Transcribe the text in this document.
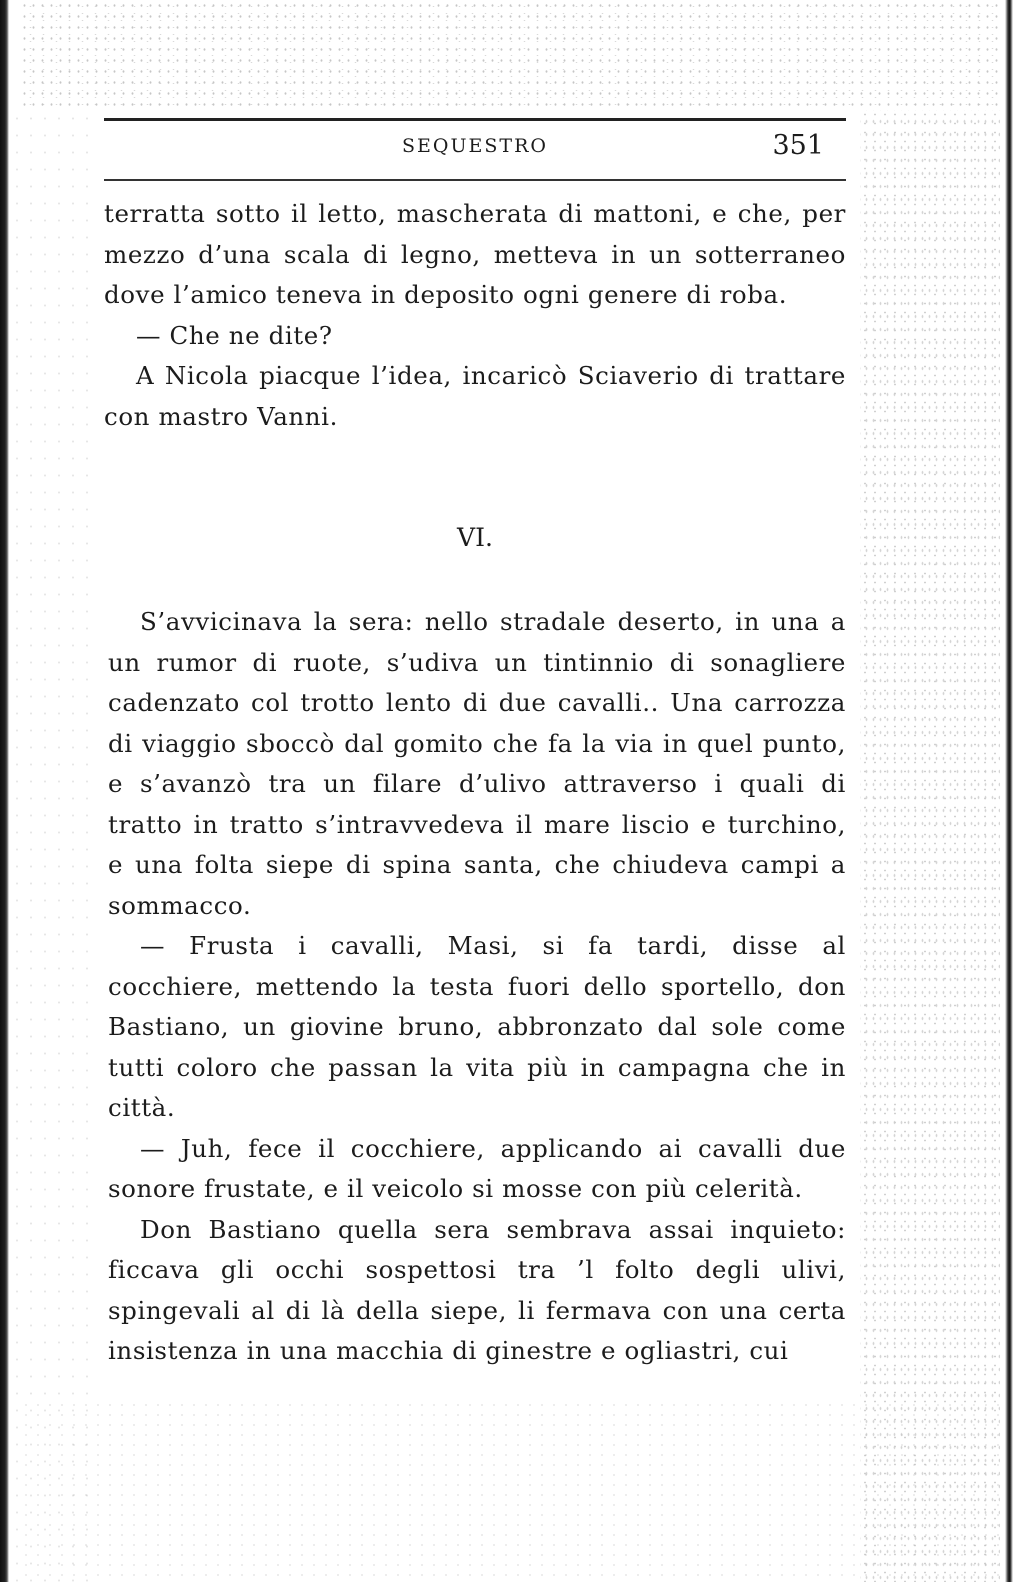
SEQUESTRO	351

terratta sotto il letto, mascherata di mattoni, e che, per mezzo d’una scala di legno, metteva in un sotterraneo dove l’amico teneva in deposito ogni genere di roba.

— Che ne dite?

A Nicola piacque l’idea, incaricò Sciaverio di trattare con mastro Vanni.

VI.

S’avvicinava la sera: nello stradale deserto, in una a un rumor di ruote, s’udiva un tintinnio di sonagliere cadenzato col trotto lento di due cavalli.. Una carrozza di viaggio sboccò dal gomito che fa la via in quel punto, e s’avanzò tra un filare d’ulivo attraverso i quali di tratto in tratto s’intravvedeva il mare liscio e turchino, e una folta siepe di spina santa, che chiudeva campi a sommacco.

— Frusta i cavalli, Masi, si fa tardi, disse al cocchiere, mettendo la testa fuori dello sportello, don Bastiano, un giovine bruno, abbronzato dal sole come tutti coloro che passan la vita più in campagna che in città.

— Juh, fece il cocchiere, applicando ai cavalli due sonore frustate, e il veicolo si mosse con più celerità.

Don Bastiano quella sera sembrava assai inquieto: ficcava gli occhi sospettosi tra ’l folto degli ulivi, spingevali al di là della siepe, li fermava con una certa insistenza in una macchia di ginestre e ogliastri, cui
